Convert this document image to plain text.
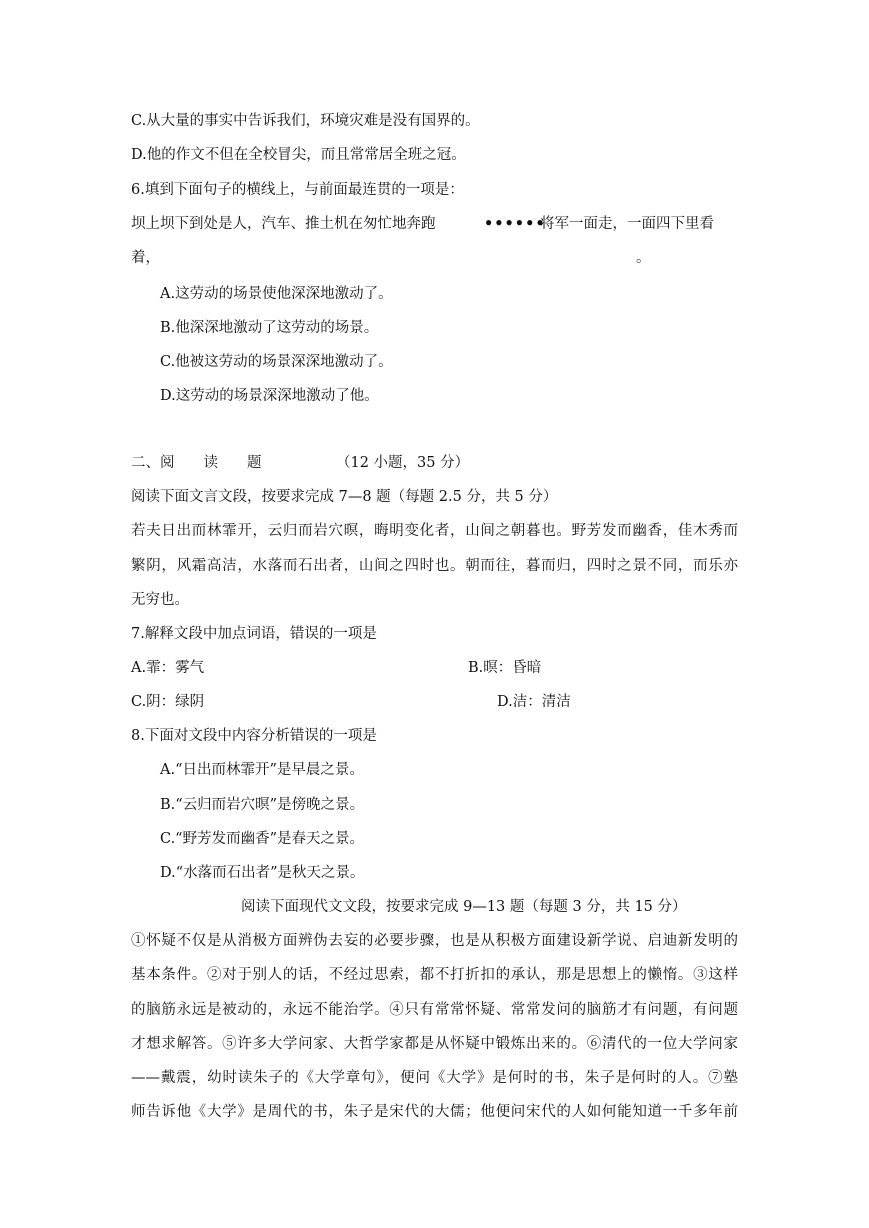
C.从大量的事实中告诉我们，环境灾难是没有国界的。
D.他的作文不但在全校冒尖，而且常常居全班之冠。
6.填到下面句子的横线上，与前面最连贯的一项是：
坝上坝下到处是人，汽车、推土机在匆忙地奔跑	••••••
将军一面走，一面四下里看
着，	。
A.这劳动的场景使他深深地激动了。
B.他深深地激动了这劳动的场景。
C.他被这劳动的场景深深地激动了。
D.这劳动的场景深深地激动了他。
二、阅　　读　　题	（12 小题，35 分）
阅读下面文言文段，按要求完成 7—8 题（每题 2.5 分，共 5 分）
若夫日出而林霏开，云归而岩穴暝，晦明变化者，山间之朝暮也。野芳发而幽香，佳木秀而
繁阴，风霜高洁，水落而石出者，山间之四时也。朝而往，暮而归，四时之景不同，而乐亦
无穷也。
7.解释文段中加点词语，错误的一项是
A.霏：雾气	B.暝：昏暗
C.阴：绿阴	D.洁：清洁
8.下面对文段中内容分析错误的一项是
A.“日出而林霏开”是早晨之景。
B.“云归而岩穴暝”是傍晚之景。
C.“野芳发而幽香”是春天之景。
D.“水落而石出者”是秋天之景。
阅读下面现代文文段，按要求完成 9—13 题（每题 3 分，共 15 分）
①怀疑不仅是从消极方面辨伪去妄的必要步骤，也是从积极方面建设新学说、启迪新发明的
基本条件。②对于别人的话，不经过思索，都不打折扣的承认，那是思想上的懒惰。③这样
的脑筋永远是被动的，永远不能治学。④只有常常怀疑、常常发问的脑筋才有问题，有问题
才想求解答。⑤许多大学问家、大哲学家都是从怀疑中锻炼出来的。⑥清代的一位大学问家
——戴震，幼时读朱子的《大学章句》，便问《大学》是何时的书，朱子是何时的人。⑦塾
师告诉他《大学》是周代的书，朱子是宋代的大儒；他便问宋代的人如何能知道一千多年前
